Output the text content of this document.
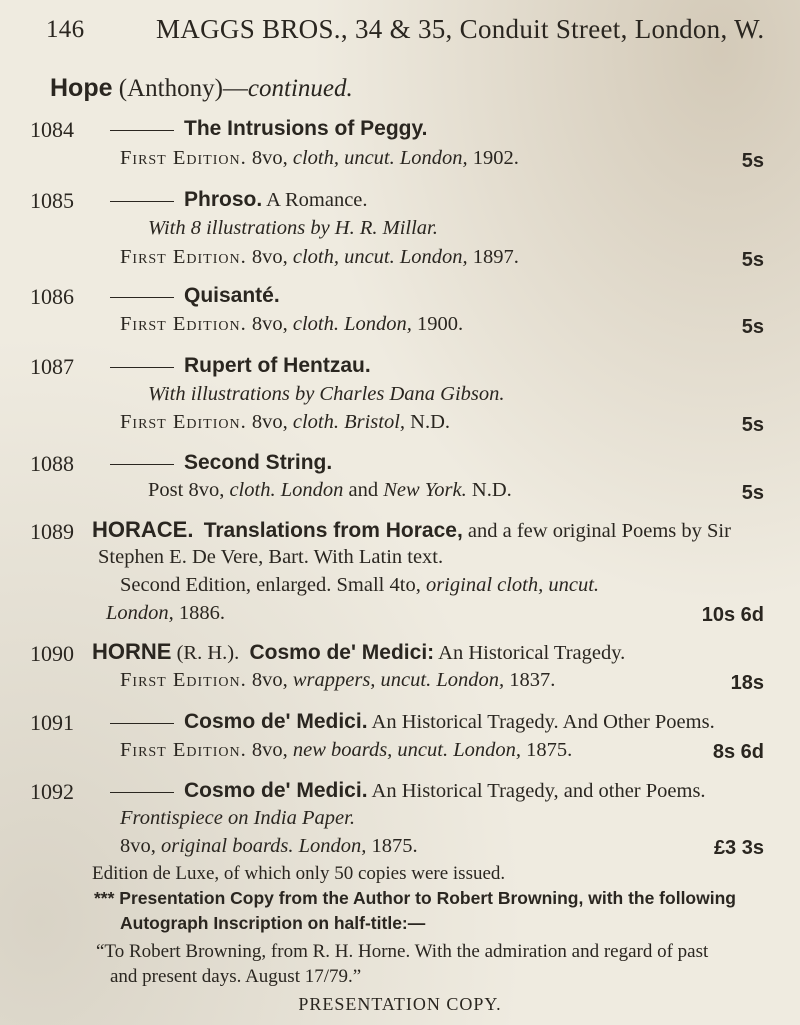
146	MAGGS BROS., 34 & 35, Conduit Street, London, W.
Hope (Anthony)—continued.
1084	The Intrusions of Peggy.
First Edition. 8vo, cloth, uncut. London, 1902.	5s
1085	Phroso. A Romance.
With 8 illustrations by H. R. Millar.
First Edition. 8vo, cloth, uncut. London, 1897.	5s
1086	Quisanté.
First Edition. 8vo, cloth. London, 1900.	5s
1087	Rupert of Hentzau.
With illustrations by Charles Dana Gibson.
First Edition. 8vo, cloth. Bristol, N.D.	5s
1088	Second String.
Post 8vo, cloth. London and New York. N.D.	5s
1089 HORACE. Translations from Horace, and a few original Poems by Sir
Stephen E. De Vere, Bart. With Latin text.
Second Edition, enlarged. Small 4to, original cloth, uncut.
London, 1886.	10s 6d
1090 HORNE (R. H.). Cosmo de' Medici: An Historical Tragedy.
First Edition. 8vo, wrappers, uncut. London, 1837.	18s
1091	Cosmo de' Medici. An Historical Tragedy. And Other Poems.
First Edition. 8vo, new boards, uncut. London, 1875.	8s 6d
1092	Cosmo de' Medici. An Historical Tragedy, and other Poems.
Frontispiece on India Paper.
8vo, original boards. London, 1875.	£3 3s
Edition de Luxe, of which only 50 copies were issued.
*** Presentation Copy from the Author to Robert Browning, with the following
Autograph Inscription on half-title:—
“To Robert Browning, from R. H. Horne. With the admiration and regard of past
and present days. August 17/79.”
PRESENTATION COPY.
